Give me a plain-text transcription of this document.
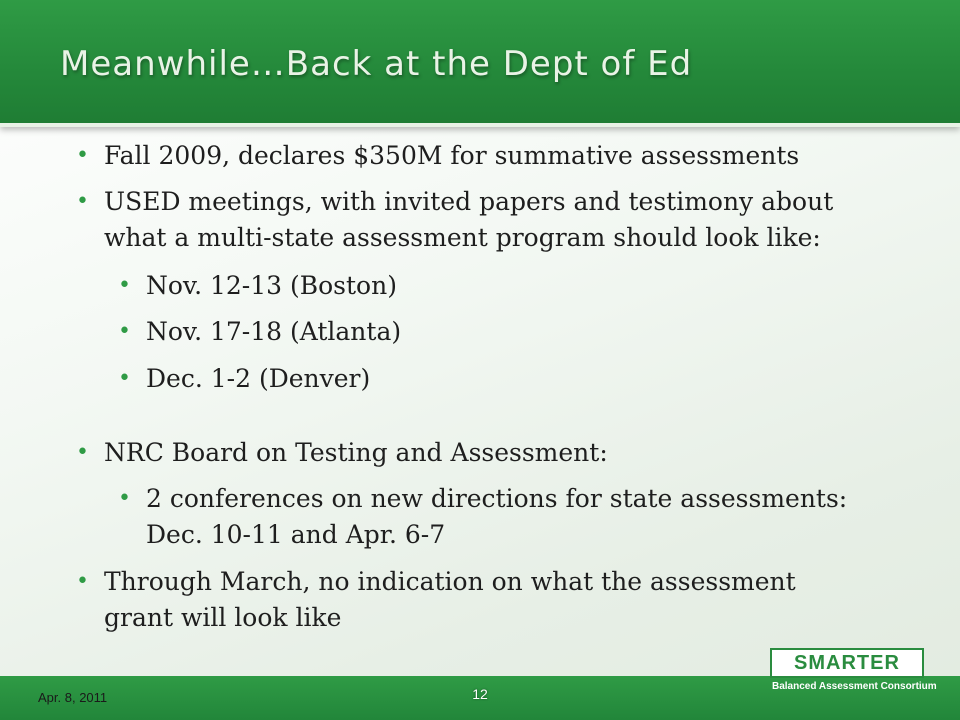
Meanwhile…Back at the Dept of Ed
• Fall 2009, declares $350M for summative assessments
• USED meetings, with invited papers and testimony about
what a multi-state assessment program should look like:
• Nov. 12-13 (Boston)
• Nov. 17-18 (Atlanta)
• Dec. 1-2 (Denver)
• NRC Board on Testing and Assessment:
• 2 conferences on new directions for state assessments:
Dec. 10-11 and Apr. 6-7
• Through March, no indication on what the assessment
grant will look like
Apr. 8, 2011	12
SMARTER
Balanced Assessment Consortium
